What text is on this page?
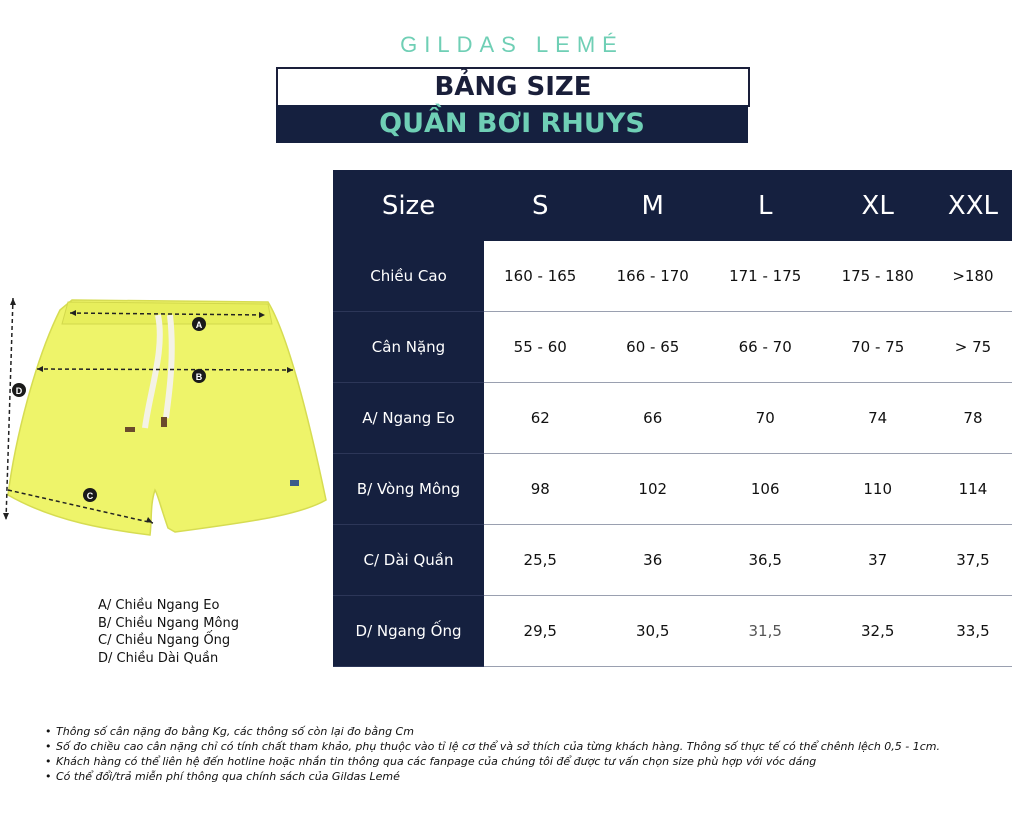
GILDAS LEMÉ
BẢNG SIZE
QUẦN BƠI RHUYS
A
B
C
D
Size	S	M	L	XL	XXL
Chiều Cao	160 - 165	166 - 170	171 - 175	175 - 180	>180
Cân Nặng	55 - 60	60 - 65	66 - 70	70 - 75	> 75
A/ Ngang Eo	62	66	70	74	78
B/ Vòng Mông	98	102	106	110	114
C/ Dài Quần	25,5	36	36,5	37	37,5
D/ Ngang Ống	29,5	30,5	31,5	32,5	33,5
A/ Chiều Ngang Eo
B/ Chiều Ngang Mông
C/ Chiều Ngang Ống
D/ Chiều Dài Quần
• Thông số cân nặng đo bằng Kg, các thông số còn lại đo bằng Cm
• Số đo chiều cao cân nặng chỉ có tính chất tham khảo, phụ thuộc vào tỉ lệ cơ thể và sở thích của từng khách hàng. Thông số thực tế có thể chênh lệch 0,5 - 1cm.
• Khách hàng có thể liên hệ đến hotline hoặc nhắn tin thông qua các fanpage của chúng tôi để được tư vấn chọn size phù hợp với vóc dáng
• Có thể đổi/trả miễn phí thông qua chính sách của Gildas Lemé
